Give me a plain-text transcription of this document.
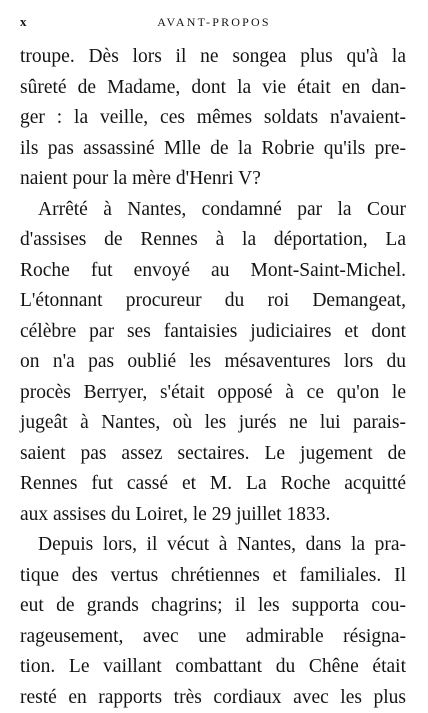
x	AVANT-PROPOS
troupe. Dès lors il ne songea plus qu'à la
sûreté de Madame, dont la vie était en dan-
ger : la veille, ces mêmes soldats n'avaient-
ils pas assassiné Mlle de la Robrie qu'ils pre-
naient pour la mère d'Henri V?
Arrêté à Nantes, condamné par la Cour
d'assises de Rennes à la déportation, La
Roche fut envoyé au Mont-Saint-Michel.
L'étonnant procureur du roi Demangeat,
célèbre par ses fantaisies judiciaires et dont
on n'a pas oublié les mésaventures lors du
procès Berryer, s'était opposé à ce qu'on le
jugeât à Nantes, où les jurés ne lui parais-
saient pas assez sectaires. Le jugement de
Rennes fut cassé et M. La Roche acquitté
aux assises du Loiret, le 29 juillet 1833.
Depuis lors, il vécut à Nantes, dans la pra-
tique des vertus chrétiennes et familiales. Il
eut de grands chagrins; il les supporta cou-
rageusement, avec une admirable résigna-
tion. Le vaillant combattant du Chêne était
resté en rapports très cordiaux avec les plus
